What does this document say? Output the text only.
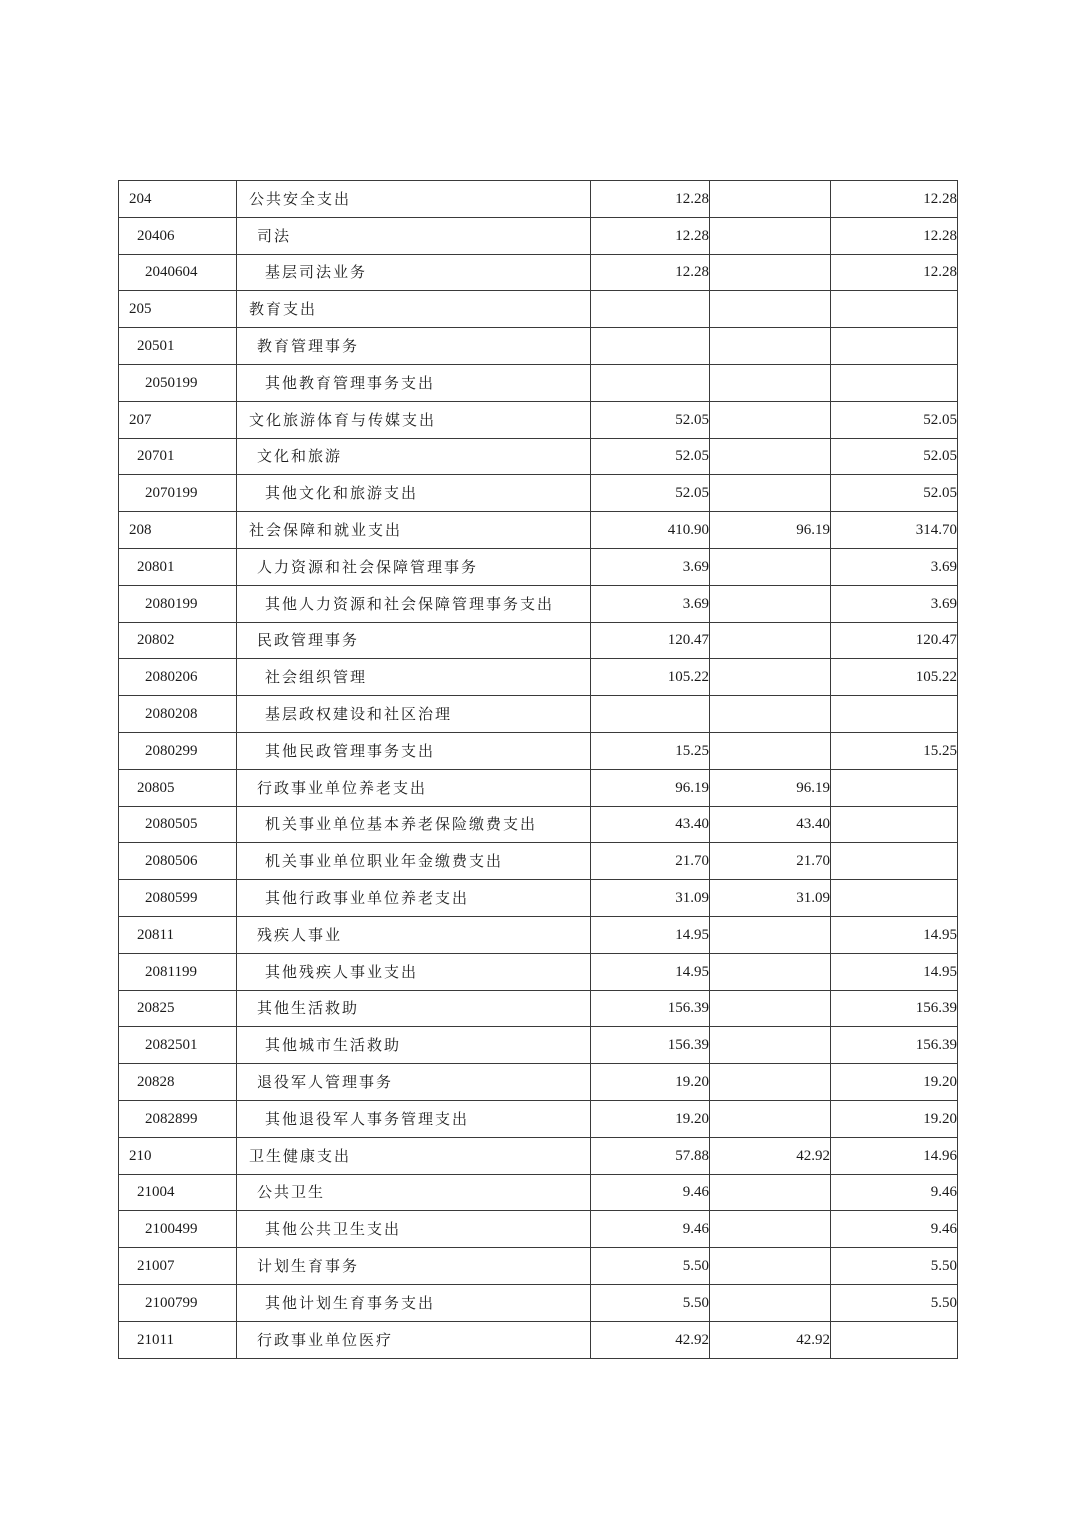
204	公共安全支出	12.28		12.28
20406	司法	12.28		12.28
2040604	基层司法业务	12.28		12.28
205	教育支出			
20501	教育管理事务			
2050199	其他教育管理事务支出			
207	文化旅游体育与传媒支出	52.05		52.05
20701	文化和旅游	52.05		52.05
2070199	其他文化和旅游支出	52.05		52.05
208	社会保障和就业支出	410.90	96.19	314.70
20801	人力资源和社会保障管理事务	3.69		3.69
2080199	其他人力资源和社会保障管理事务支出	3.69		3.69
20802	民政管理事务	120.47		120.47
2080206	社会组织管理	105.22		105.22
2080208	基层政权建设和社区治理			
2080299	其他民政管理事务支出	15.25		15.25
20805	行政事业单位养老支出	96.19	96.19	
2080505	机关事业单位基本养老保险缴费支出	43.40	43.40	
2080506	机关事业单位职业年金缴费支出	21.70	21.70	
2080599	其他行政事业单位养老支出	31.09	31.09	
20811	残疾人事业	14.95		14.95
2081199	其他残疾人事业支出	14.95		14.95
20825	其他生活救助	156.39		156.39
2082501	其他城市生活救助	156.39		156.39
20828	退役军人管理事务	19.20		19.20
2082899	其他退役军人事务管理支出	19.20		19.20
210	卫生健康支出	57.88	42.92	14.96
21004	公共卫生	9.46		9.46
2100499	其他公共卫生支出	9.46		9.46
21007	计划生育事务	5.50		5.50
2100799	其他计划生育事务支出	5.50		5.50
21011	行政事业单位医疗	42.92	42.92	
